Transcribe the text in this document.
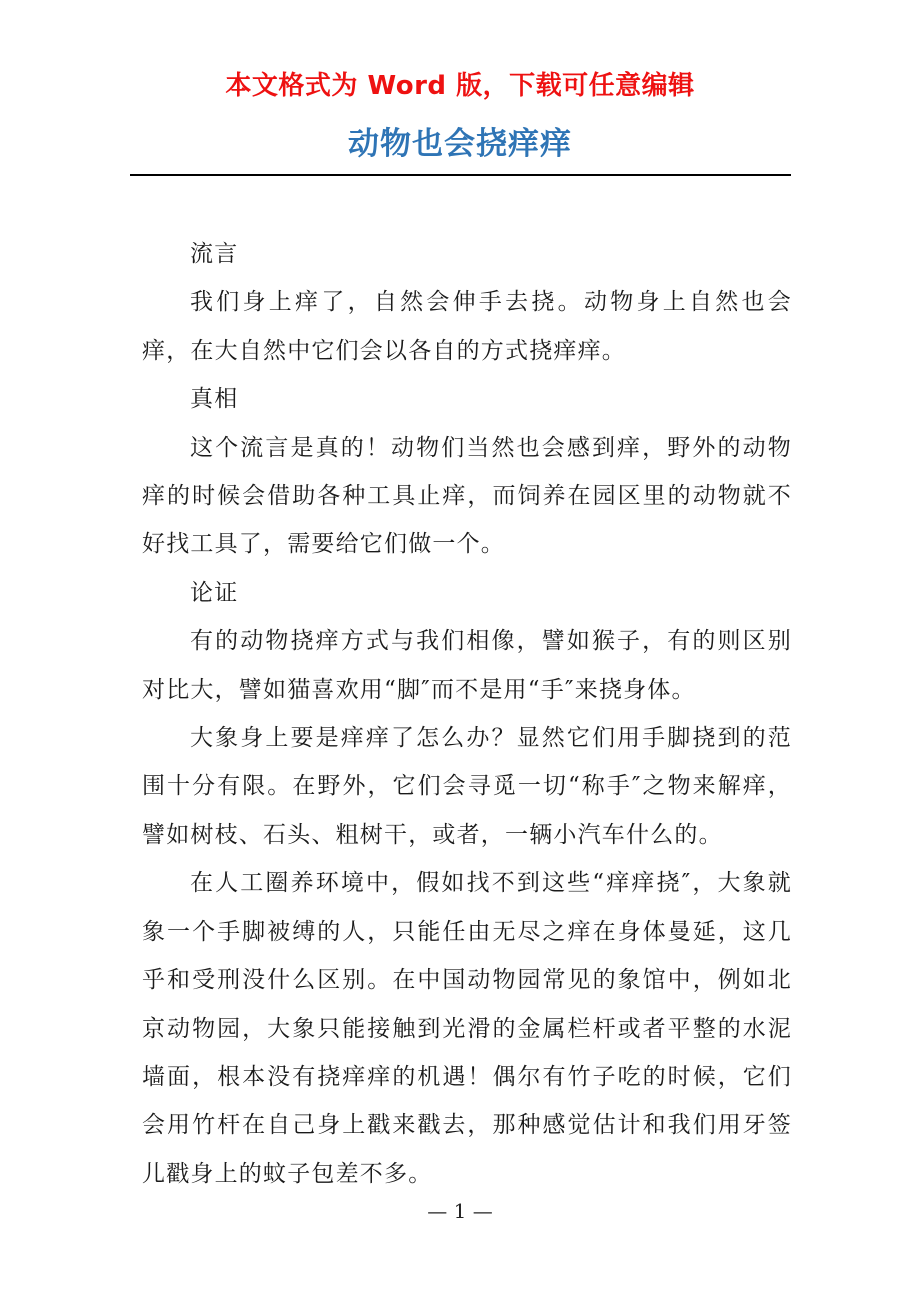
本文格式为 Word 版，下载可任意编辑
动物也会挠痒痒

流言

我们身上痒了，自然会伸手去挠。动物身上自然也会痒，在大自然中它们会以各自的方式挠痒痒。

真相

这个流言是真的！动物们当然也会感到痒，野外的动物痒的时候会借助各种工具止痒，而饲养在园区里的动物就不好找工具了，需要给它们做一个。

论证

有的动物挠痒方式与我们相像，譬如猴子，有的则区别对比大，譬如猫喜欢用“脚″而不是用“手″来挠身体。

大象身上要是痒痒了怎么办？显然它们用手脚挠到的范围十分有限。在野外，它们会寻觅一切“称手″之物来解痒，譬如树枝、石头、粗树干，或者，一辆小汽车什么的。

在人工圈养环境中，假如找不到这些“痒痒挠″，大象就象一个手脚被缚的人，只能任由无尽之痒在身体曼延，这几乎和受刑没什么区别。在中国动物园常见的象馆中，例如北京动物园，大象只能接触到光滑的金属栏杆或者平整的水泥墙面，根本没有挠痒痒的机遇！偶尔有竹子吃的时候，它们会用竹杆在自己身上戳来戳去，那种感觉估计和我们用牙签儿戳身上的蚊子包差不多。

— 1 —
